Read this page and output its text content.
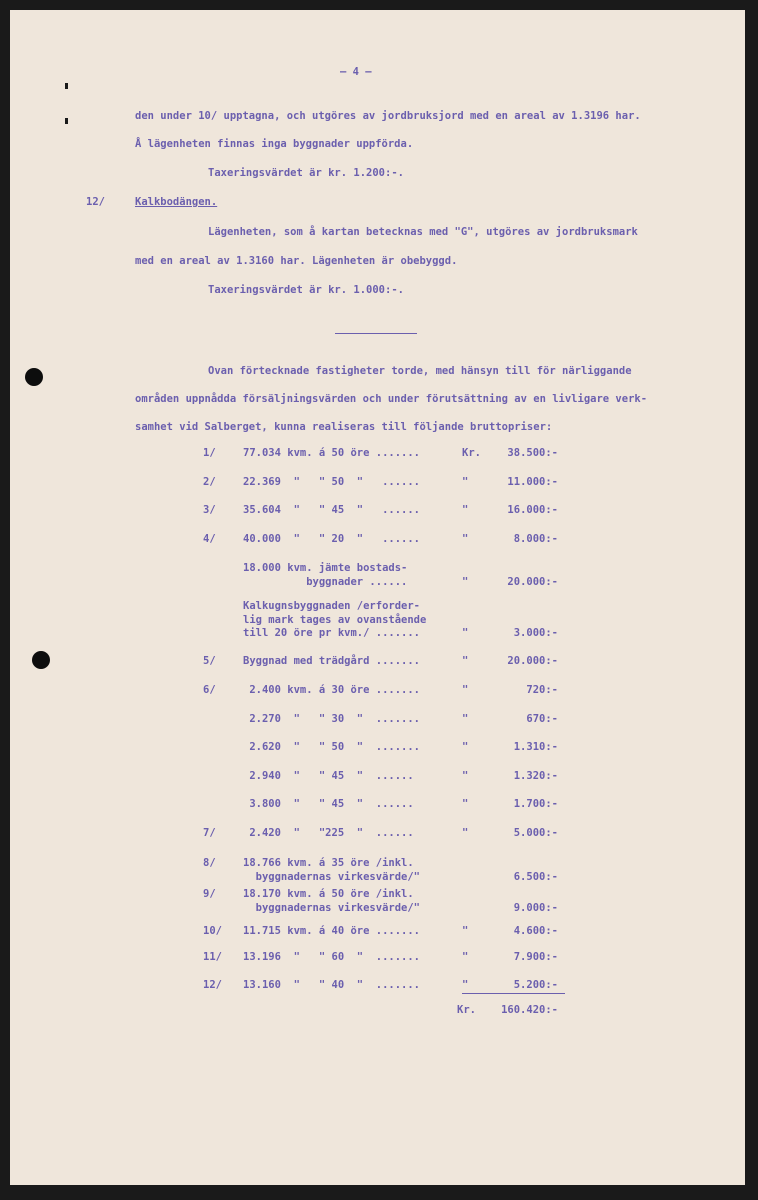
— 4 —
den under 10/ upptagna, och utgöres av jordbruksjord med en areal av 1.3196 har.
Å lägenheten finnas inga byggnader uppförda.
Taxeringsvärdet är kr. 1.200:-.
12/	Kalkbodängen.
Lägenheten, som å kartan betecknas med "G", utgöres av jordbruksmark
med en areal av 1.3160 har. Lägenheten är obebyggd.
Taxeringsvärdet är kr. 1.000:-.
Ovan förtecknade fastigheter torde, med hänsyn till för närliggande
områden uppnådda försäljningsvärden och under förutsättning av en livligare verk-
samhet vid Salberget, kunna realiseras till följande bruttopriser:
1/	77.034 kvm. á 50 öre .......	Kr.	38.500:-
2/	22.369  "   " 50  "   ......	"	11.000:-
3/	35.604  "   " 45  "   ......	"	16.000:-
4/	40.000  "   " 20  "   ......	"	8.000:-
18.000 kvm. jämte bostads-
byggnader ......	"	20.000:-
Kalkugnsbyggnaden /erforder-
lig mark tages av ovanstående
till 20 öre pr kvm./ .......	"	3.000:-
5/	Byggnad med trädgård .......	"	20.000:-
6/	2.400 kvm. á 30 öre .......	"	720:-
2.270  "   " 30  "  .......	"	670:-
2.620  "   " 50  "  .......	"	1.310:-
2.940  "   " 45  "  ......	"	1.320:-
3.800  "   " 45  "  ......	"	1.700:-
7/	2.420  "   "225  "  ......	"	5.000:-
8/	18.766 kvm. á 35 öre /inkl.
byggnadernas virkesvärde/"	6.500:-
9/	18.170 kvm. á 50 öre /inkl.
byggnadernas virkesvärde/"	9.000:-
10/ 11.715 kvm. á 40 öre .......	"	4.600:-
11/ 13.196  "   " 60  "  .......	"	7.900:-
12/ 13.160  "   " 40  "  .......	"	5.200:-
Kr.	160.420:-
